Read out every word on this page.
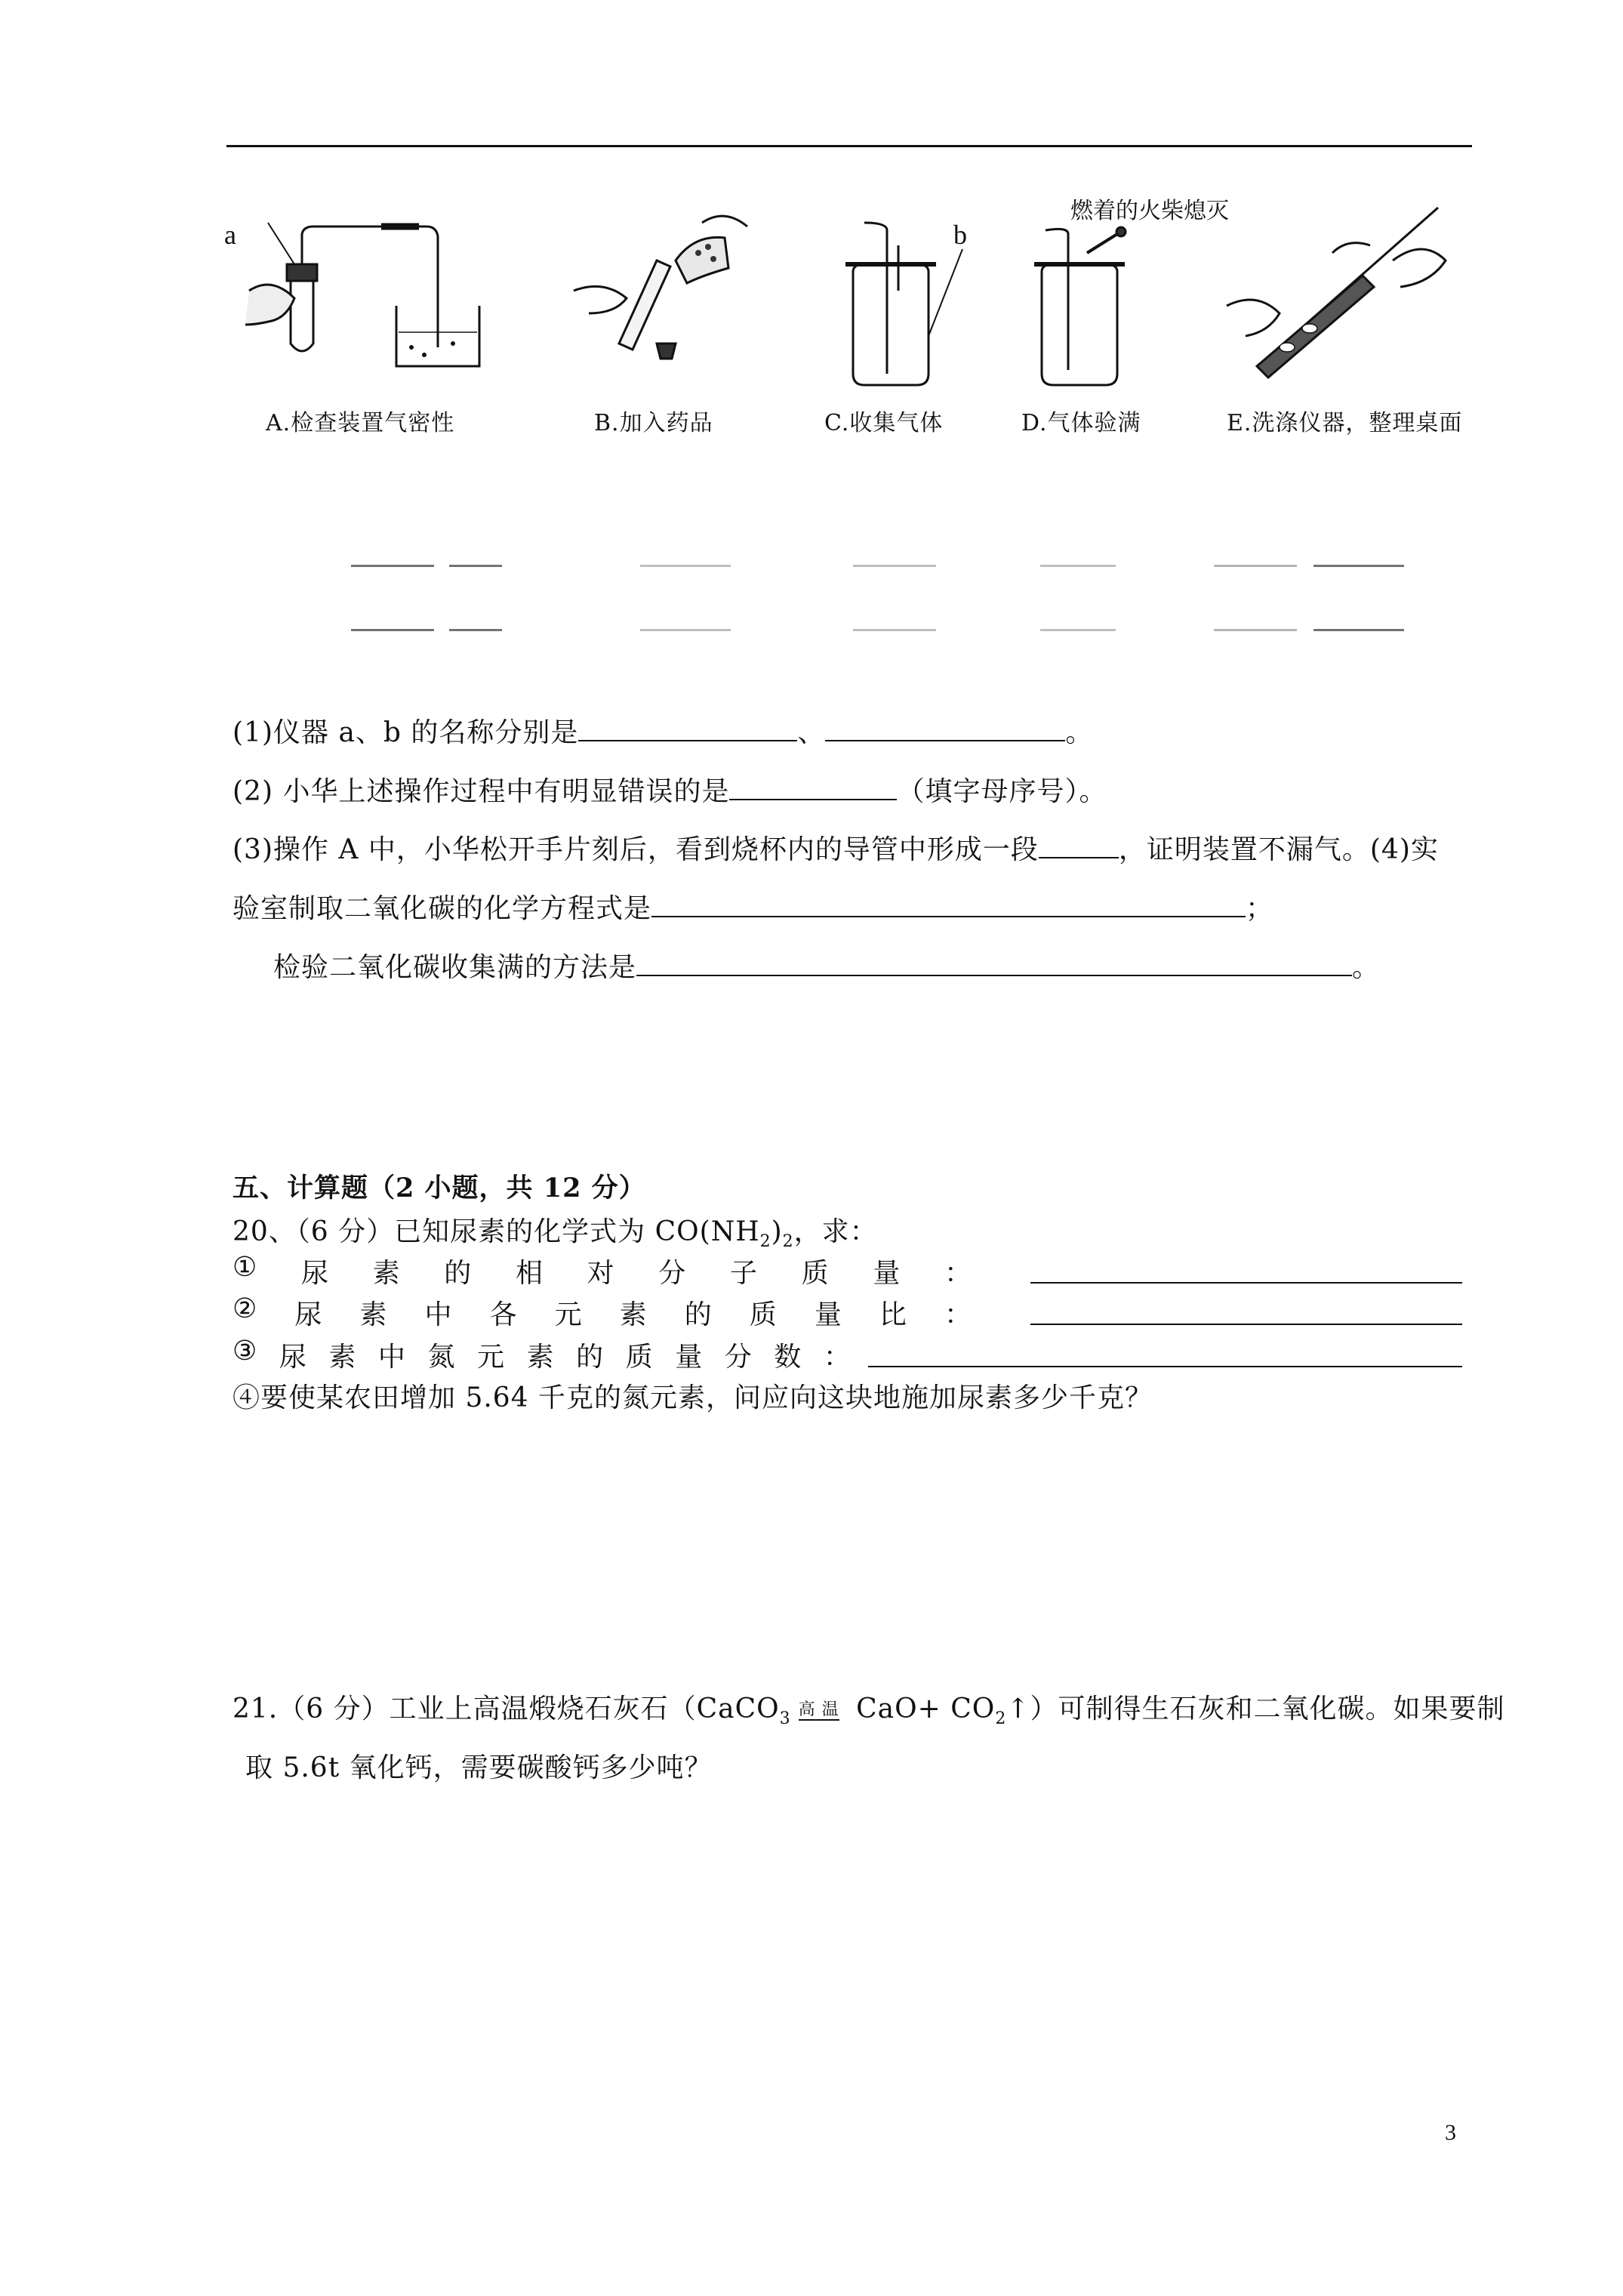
a	b
燃着的火柴熄灭
A.检查装置气密性	B.加入药品	C.收集气体	D.气体验满	E.洗涤仪器，整理桌面
(1)仪器 a、b 的名称分别是	、	。
(2) 小华上述操作过程中有明显错误的是	（填字母序号）。
(3)操作 A 中，小华松开手片刻后，看到烧杯内的导管中形成一段	，证明装置不漏气。(4)实
验室制取二氧化碳的化学方程式是	；
检验二氧化碳收集满的方法是	。
五、计算题（2 小题，共 12 分）
20、（6 分）已知尿素的化学式为 $CO(NH_2)_2$，求：
① 尿 素 的 相 对 分 子 质 量 ：
② 尿 素 中 各 元 素 的 质 量 比 ：
③ 尿 素 中 氮 元 素 的 质 量 分 数 ：
④要使某农田增加 5.64 千克的氮元素，问应向这块地施加尿素多少千克？
21.（6 分）工业上高温煅烧石灰石（CaCO$_3$ 高 温 $CaO+ CO_2↑$）可制得生石灰和二氧化碳。如果要制
取 5.6t 氧化钙，需要碳酸钙多少吨？
3
